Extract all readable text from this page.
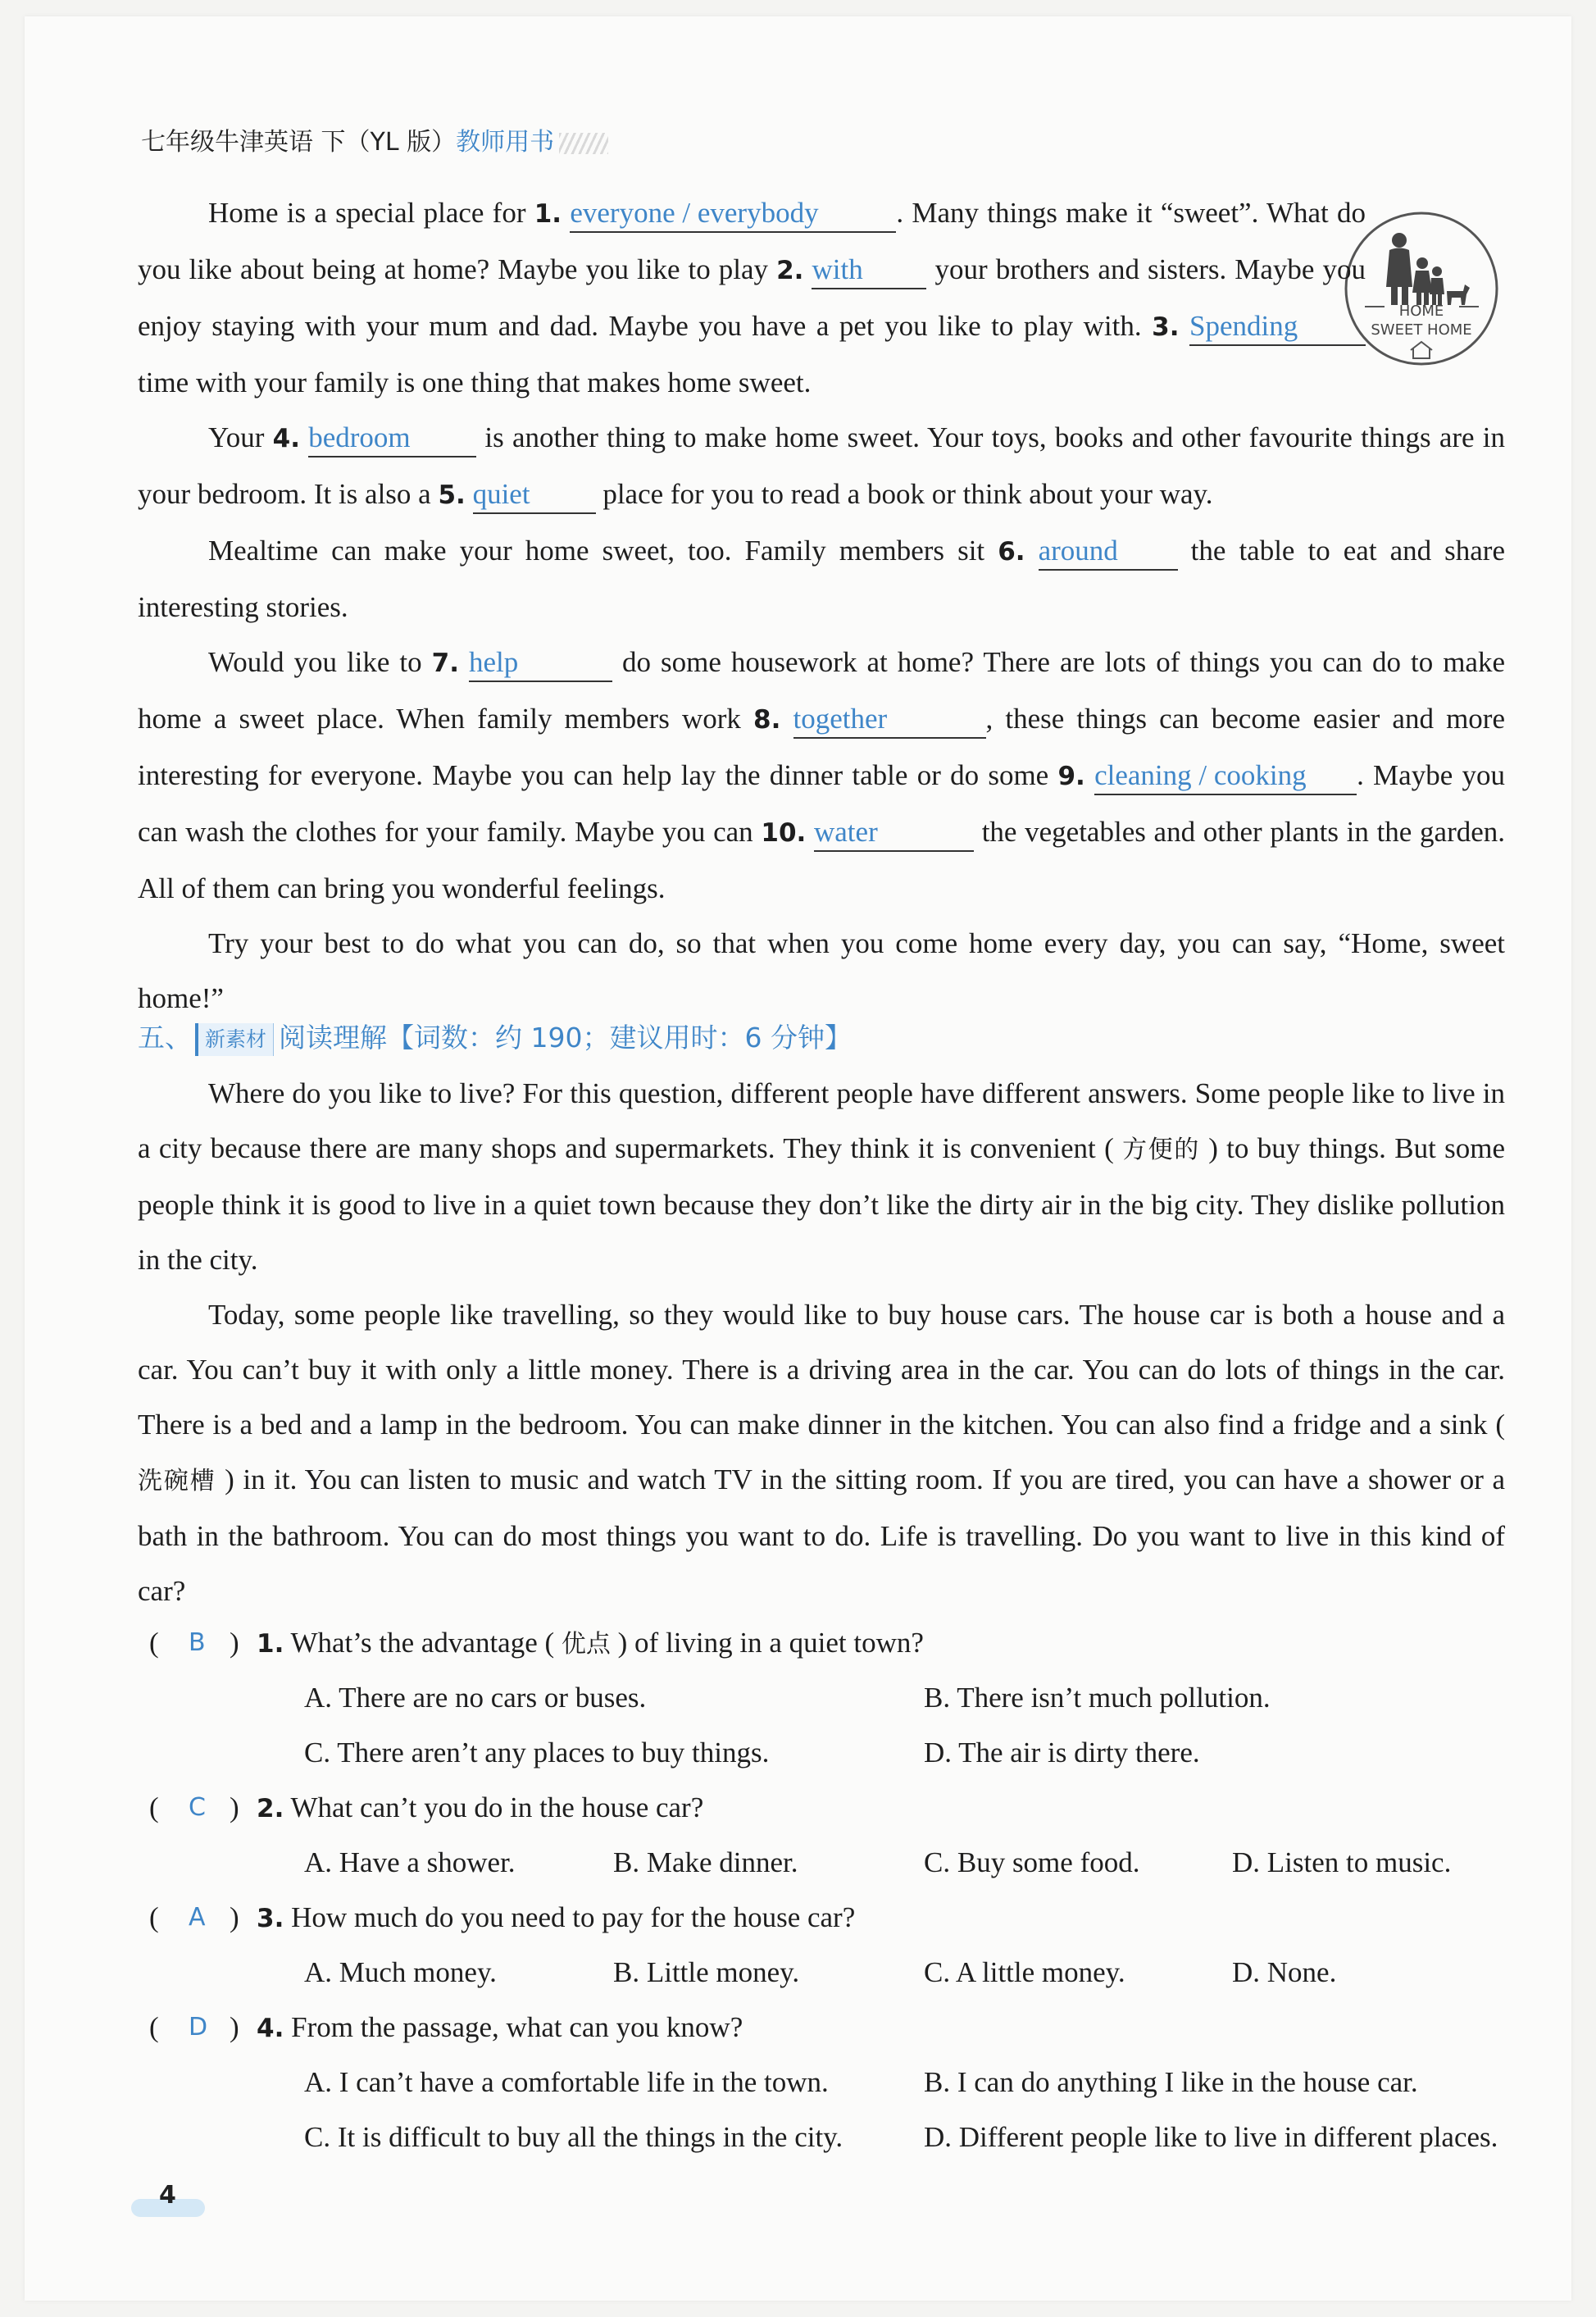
七年级牛津英语 下（YL 版）教师用书
HOME
SWEET HOME

Home is a special place for 1. everyone / everybody	. Many things make it “sweet”. What do you like about being at home? Maybe you like to play 2. with your brothers and sisters. Maybe you enjoy staying with your mum and dad. Maybe you have a pet you like to play with. 3. Spending time with your family is one thing that makes home sweet.

Your 4. bedroom is another thing to make home sweet. Your toys, books and other favourite things are in your bedroom. It is also a 5. quiet place for you to read a book or think about your way.

Mealtime can make your home sweet, too. Family members sit 6. around the table to eat and share interesting stories.

Would you like to 7. help	do some housework at home? There are lots of things you can do to make home a sweet place. When family members work 8. together	, these things can become easier and more interesting for everyone. Maybe you can help lay the dinner table or do some 9. cleaning / cooking . Maybe you can wash the clothes for your family. Maybe you can 10. water	the vegetables and other plants in the garden. All of them can bring you wonderful feelings.

Try your best to do what you can do, so that when you come home every day, you can say, “Home, sweet home!”

五、 新素材 阅读理解【词数：约 190；建议用时：6 分钟】

Where do you like to live? For this question, different people have different answers. Some people like to live in a city because there are many shops and supermarkets. They think it is convenient ( 方便的 ) to buy things. But some people think it is good to live in a quiet town because they don’t like the dirty air in the big city. They dislike pollution in the city.

Today, some people like travelling, so they would like to buy house cars. The house car is both a house and a car. You can’t buy it with only a little money. There is a driving area in the car. You can do lots of things in the car. There is a bed and a lamp in the bedroom. You can make dinner in the kitchen. You can also find a fridge and a sink ( 洗碗槽 ) in it. You can listen to music and watch TV in the sitting room. If you are tired, you can have a shower or a bath in the bathroom. You can do most things you want to do. Life is travelling. Do you want to live in this kind of car?

( B ) 1. What’s the advantage ( 优点 ) of living in a quiet town?
A. There are no cars or buses.	B. There isn’t much pollution.
C. There aren’t any places to buy things.	D. The air is dirty there.
( C ) 2. What can’t you do in the house car?
A. Have a shower.	B. Make dinner.	C. Buy some food.	D. Listen to music.
( A ) 3. How much do you need to pay for the house car?
A. Much money.	B. Little money.	C. A little money.	D. None.
( D ) 4. From the passage, what can you know?
A. I can’t have a comfortable life in the town.	B. I can do anything I like in the house car.
C. It is difficult to buy all the things in the city.	D. Different people like to live in different places.
4
